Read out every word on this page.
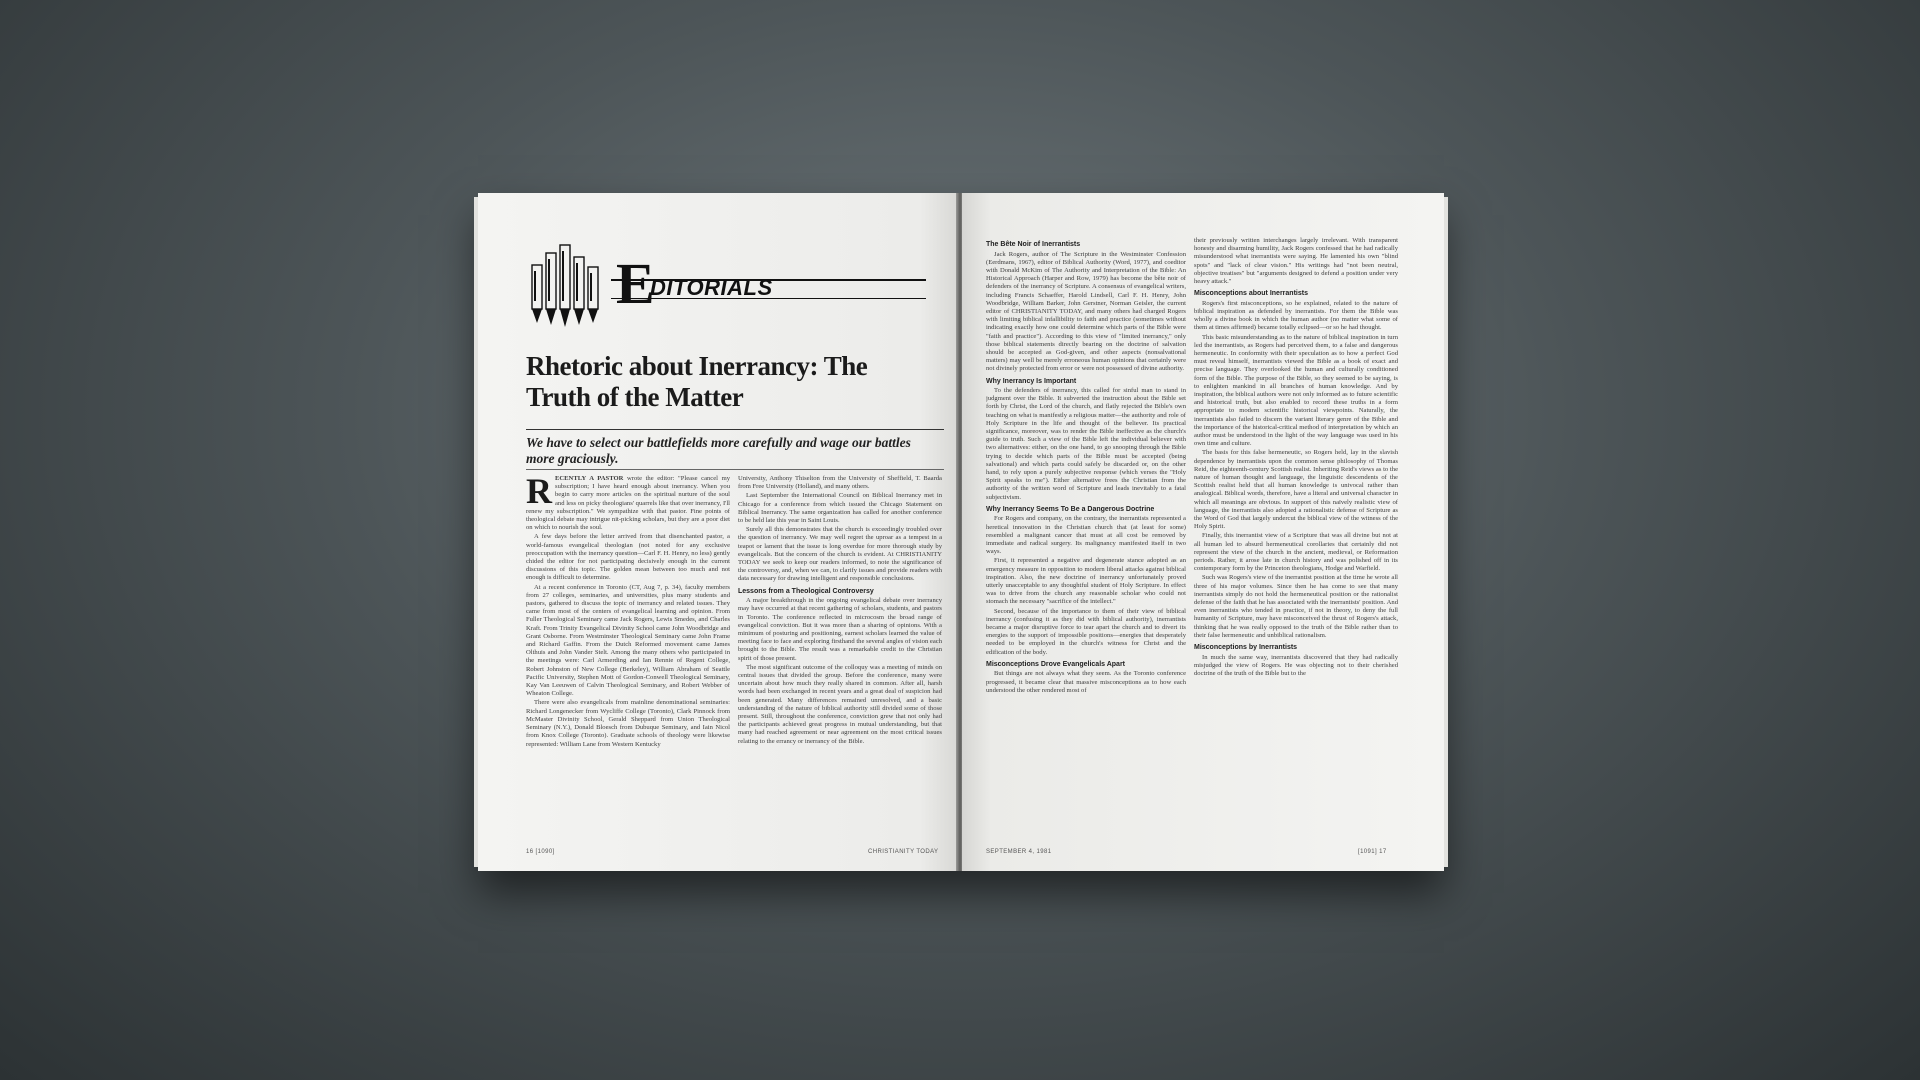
E
DITORIALS
Rhetoric about Inerrancy: The Truth of the Matter
We have to select our battlefields more carefully and wage our battles more graciously.

RECENTLY A PASTOR wrote the editor: "Please cancel my subscription; I have heard enough about inerrancy. When you begin to carry more articles on the spiritual nurture of the soul and less on picky theologians' quarrels like that over inerrancy, I'll renew my subscription." We sympathize with that pastor. Fine points of theological debate may intrigue nit-picking scholars, but they are a poor diet on which to nourish the soul.

A few days before the letter arrived from that disenchanted pastor, a world-famous evangelical theologian (not noted for any exclusive preoccupation with the inerrancy question—Carl F. H. Henry, no less) gently chided the editor for not participating decisively enough in the current discussions of this topic. The golden mean between too much and not enough is difficult to determine.

At a recent conference in Toronto (CT, Aug 7, p. 34), faculty members from 27 colleges, seminaries, and universities, plus many students and pastors, gathered to discuss the topic of inerrancy and related issues. They came from most of the centers of evangelical learning and opinion. From Fuller Theological Seminary came Jack Rogers, Lewis Smedes, and Charles Kraft. From Trinity Evangelical Divinity School came John Woodbridge and Grant Osborne. From Westminster Theological Seminary came John Frame and Richard Gaffin. From the Dutch Reformed movement came James Olthuis and John Vander Stelt. Among the many others who participated in the meetings were: Carl Armerding and Ian Rennie of Regent College, Robert Johnston of New College (Berkeley), William Abraham of Seattle Pacific University, Stephen Mott of Gordon-Conwell Theological Seminary, Kay Van Leeuwen of Calvin Theological Seminary, and Robert Webber of Wheaton College.

There were also evangelicals from mainline denominational seminaries: Richard Longenecker from Wycliffe College (Toronto), Clark Pinnock from McMaster Divinity School, Gerald Sheppard from Union Theological Seminary (N.Y.), Donald Bloesch from Dubuque Seminary, and Iain Nicol from Knox College (Toronto). Graduate schools of theology were likewise represented: William Lane from Western Kentucky

University, Anthony Thiselton from the University of Sheffield, T. Baarda from Free University (Holland), and many others.

Last September the International Council on Biblical Inerrancy met in Chicago for a conference from which issued the Chicago Statement on Biblical Inerrancy. The same organization has called for another conference to be held late this year in Saint Louis.

Surely all this demonstrates that the church is exceedingly troubled over the question of inerrancy. We may well regret the uproar as a tempest in a teapot or lament that the issue is long overdue for more thorough study by evangelicals. But the concern of the church is evident. At CHRISTIANITY TODAY we seek to keep our readers informed, to note the significance of the controversy, and, when we can, to clarify issues and provide readers with data necessary for drawing intelligent and responsible conclusions.

Lessons from a Theological Controversy

A major breakthrough in the ongoing evangelical debate over inerrancy may have occurred at that recent gathering of scholars, students, and pastors in Toronto. The conference reflected in microcosm the broad range of evangelical conviction. But it was more than a sharing of opinions. With a minimum of posturing and positioning, earnest scholars learned the value of meeting face to face and exploring firsthand the several angles of vision each brought to the Bible. The result was a remarkable credit to the Christian spirit of those present.

The most significant outcome of the colloquy was a meeting of minds on central issues that divided the group. Before the conference, many were uncertain about how much they really shared in common. After all, harsh words had been exchanged in recent years and a great deal of suspicion had been generated. Many differences remained unresolved, and a basic understanding of the nature of biblical authority still divided some of those present. Still, throughout the conference, conviction grew that not only had the participants achieved great progress in mutual understanding, but that many had reached agreement or near agreement on the most critical issues relating to the errancy or inerrancy of the Bible.

16 [1090]	CHRISTIANITY TODAY
The Bête Noir of Inerrantists

Jack Rogers, author of The Scripture in the Westminster Confession (Eerdmans, 1967), editor of Biblical Authority (Word, 1977), and coeditor with Donald McKim of The Authority and Interpretation of the Bible: An Historical Approach (Harper and Row, 1979) has become the bête noir of defenders of the inerrancy of Scripture. A consensus of evangelical writers, including Francis Schaeffer, Harold Lindsell, Carl F. H. Henry, John Woodbridge, William Barker, John Gerstner, Norman Geisler, the current editor of CHRISTIANITY TODAY, and many others had charged Rogers with limiting biblical infallibility to faith and practice (sometimes without indicating exactly how one could determine which parts of the Bible were "faith and practice"). According to this view of "limited inerrancy," only those biblical statements directly bearing on the doctrine of salvation should be accepted as God-given, and other aspects (nonsalvational matters) may well be merely erroneous human opinions that certainly were not divinely protected from error or were not possessed of divine authority.

Why Inerrancy Is Important

To the defenders of inerrancy, this called for sinful man to stand in judgment over the Bible. It subverted the instruction about the Bible set forth by Christ, the Lord of the church, and flatly rejected the Bible's own teaching on what is manifestly a religious matter—the authority and role of Holy Scripture in the life and thought of the believer. Its practical significance, moreover, was to render the Bible ineffective as the church's guide to truth. Such a view of the Bible left the individual believer with two alternatives: either, on the one hand, to go snooping through the Bible trying to decide which parts of the Bible must be accepted (being salvational) and which parts could safely be discarded or, on the other hand, to rely upon a purely subjective response (which verses the "Holy Spirit speaks to me"). Either alternative frees the Christian from the authority of the written word of Scripture and leads inevitably to a fatal subjectivism.

Why Inerrancy Seems To Be a Dangerous Doctrine

For Rogers and company, on the contrary, the inerrantists represented a heretical innovation in the Christian church that (at least for some) resembled a malignant cancer that must at all cost be removed by immediate and radical surgery. Its malignancy manifested itself in two ways.

First, it represented a negative and degenerate stance adopted as an emergency measure in opposition to modern liberal attacks against biblical inspiration. Also, the new doctrine of inerrancy unfortunately proved utterly unacceptable to any thoughtful student of Holy Scripture. In effect was to drive from the church any reasonable scholar who could not stomach the necessary "sacrifice of the intellect."

Second, because of the importance to them of their view of biblical inerrancy (confusing it as they did with biblical authority), inerrantists became a major disruptive force to tear apart the church and to divert its energies to the support of impossible positions—energies that desperately needed to be employed in the church's witness for Christ and the edification of the body.

Misconceptions Drove Evangelicals Apart

But things are not always what they seem. As the Toronto conference progressed, it became clear that massive misconceptions as to how each understood the other rendered most of

their previously written interchanges largely irrelevant. With transparent honesty and disarming humility, Jack Rogers confessed that he had radically misunderstood what inerrantists were saying. He lamented his own "blind spots" and "lack of clear vision." His writings had "not been neutral, objective treatises" but "arguments designed to defend a position under very heavy attack."

Misconceptions about Inerrantists

Rogers's first misconceptions, so he explained, related to the nature of biblical inspiration as defended by inerrantists. For them the Bible was wholly a divine book in which the human author (no matter what some of them at times affirmed) became totally eclipsed—or so he had thought.

This basic misunderstanding as to the nature of biblical inspiration in turn led the inerrantists, as Rogers had perceived them, to a false and dangerous hermeneutic. In conformity with their speculation as to how a perfect God must reveal himself, inerrantists viewed the Bible as a book of exact and precise language. They overlooked the human and culturally conditioned form of the Bible. The purpose of the Bible, so they seemed to be saying, is to enlighten mankind in all branches of human knowledge. And by inspiration, the biblical authors were not only informed as to future scientific and historical truth, but also enabled to record these truths in a form appropriate to modern scientific historical viewpoints. Naturally, the inerrantists also failed to discern the variant literary genre of the Bible and the importance of the historical-critical method of interpretation by which an author must be understood in the light of the way language was used in his own time and culture.

The basis for this false hermeneutic, so Rogers held, lay in the slavish dependence by inerrantists upon the common sense philosophy of Thomas Reid, the eighteenth-century Scottish realist. Inheriting Reid's views as to the nature of human thought and language, the linguistic descendents of the Scottish realist held that all human knowledge is univocal rather than analogical. Biblical words, therefore, have a literal and universal character in which all meanings are obvious. In support of this naïvely realistic view of language, the inerrantists also adopted a rationalistic defense of Scripture as the Word of God that largely undercut the biblical view of the witness of the Holy Spirit.

Finally, this inerrantist view of a Scripture that was all divine but not at all human led to absurd hermeneutical corollaries that certainly did not represent the view of the church in the ancient, medieval, or Reformation periods. Rather, it arose late in church history and was polished off in its contemporary form by the Princeton theologians, Hodge and Warfield.

Such was Rogers's view of the inerrantist position at the time he wrote all three of his major volumes. Since then he has come to see that many inerrantists simply do not hold the hermeneutical position or the rationalist defense of the faith that he has associated with the inerrantists' position. And even inerrantists who tended in practice, if not in theory, to deny the full humanity of Scripture, may have misconceived the thrust of Rogers's attack, thinking that he was really opposed to the truth of the Bible rather than to their false hermeneutic and unbiblical rationalism.

Misconceptions by Inerrantists

In much the same way, inerrantists discovered that they had radically misjudged the view of Rogers. He was objecting not to their cherished doctrine of the truth of the Bible but to the

SEPTEMBER 4, 1981	[1091] 17
